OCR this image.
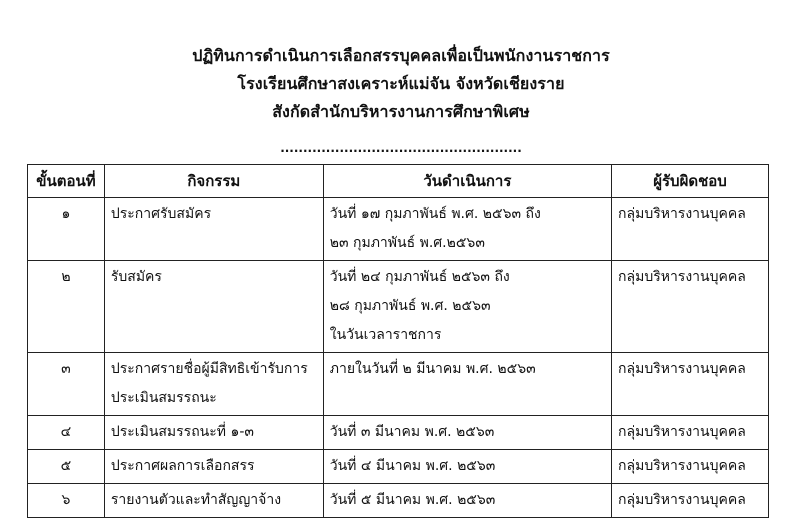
ปฏิทินการดำเนินการเลือกสรรบุคคลเพื่อเป็นพนักงานราชการ
โรงเรียนศึกษาสงเคราะห์แม่จัน จังหวัดเชียงราย
สังกัดสำนักบริหารงานการศึกษาพิเศษ
.....................................................
ขั้นตอนที่	กิจกรรม	วันดำเนินการ	ผู้รับผิดชอบ
๑	ประกาศรับสมัคร	วันที่ ๑๗ กุมภาพันธ์ พ.ศ. ๒๕๖๓ ถึง
๒๓ กุมภาพันธ์ พ.ศ.๒๕๖๓	กลุ่มบริหารงานบุคคล
๒	รับสมัคร	วันที่ ๒๔ กุมภาพันธ์ ๒๕๖๓ ถึง
๒๘ กุมภาพันธ์ พ.ศ. ๒๕๖๓
ในวันเวลาราชการ	กลุ่มบริหารงานบุคคล
๓	ประกาศรายชื่อผู้มีสิทธิเข้ารับการ
ประเมินสมรรถนะ	ภายในวันที่ ๒ มีนาคม พ.ศ. ๒๕๖๓	กลุ่มบริหารงานบุคคล
๔	ประเมินสมรรถนะที่ ๑-๓	วันที่ ๓ มีนาคม พ.ศ. ๒๕๖๓	กลุ่มบริหารงานบุคคล
๕	ประกาศผลการเลือกสรร	วันที่ ๔ มีนาคม พ.ศ. ๒๕๖๓	กลุ่มบริหารงานบุคคล
๖	รายงานตัวและทำสัญญาจ้าง	วันที่ ๕ มีนาคม พ.ศ. ๒๕๖๓	กลุ่มบริหารงานบุคคล
